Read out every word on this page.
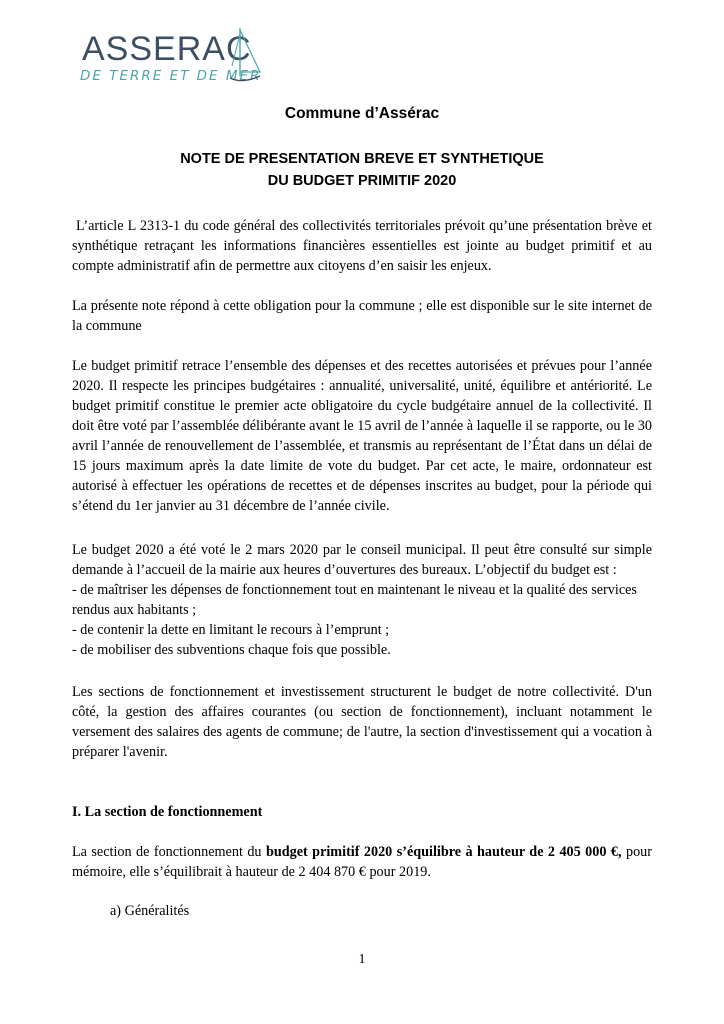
ASSERAC
DE TERRE ET DE MER
Commune d’Assérac
NOTE DE PRESENTATION BREVE ET SYNTHETIQUE
DU BUDGET PRIMITIF 2020

L’article L 2313-1 du code général des collectivités territoriales prévoit qu’une présentation brève et synthétique retraçant les informations financières essentielles est jointe au budget primitif et au compte administratif afin de permettre aux citoyens d’en saisir les enjeux.

La présente note répond à cette obligation pour la commune ; elle est disponible sur le site internet de la commune

Le budget primitif retrace l’ensemble des dépenses et des recettes autorisées et prévues pour l’année 2020. Il respecte les principes budgétaires : annualité, universalité, unité, équilibre et antériorité. Le budget primitif constitue le premier acte obligatoire du cycle budgétaire annuel de la collectivité. Il doit être voté par l’assemblée délibérante avant le 15 avril de l’année à laquelle il se rapporte, ou le 30 avril l’année de renouvellement de l’assemblée, et transmis au représentant de l’État dans un délai de 15 jours maximum après la date limite de vote du budget. Par cet acte, le maire, ordonnateur est autorisé à effectuer les opérations de recettes et de dépenses inscrites au budget, pour la période qui s’étend du 1er janvier au 31 décembre de l’année civile.

Le budget 2020 a été voté le 2 mars 2020 par le conseil municipal. Il peut être consulté sur simple demande à l’accueil de la mairie aux heures d’ouvertures des bureaux. L’objectif du budget est :

- de maîtriser les dépenses de fonctionnement tout en maintenant le niveau et la qualité des services rendus aux habitants ;
- de contenir la dette en limitant le recours à l’emprunt ;
- de mobiliser des subventions chaque fois que possible.

Les sections de fonctionnement et investissement structurent le budget de notre collectivité. D'un côté, la gestion des affaires courantes (ou section de fonctionnement), incluant notamment le versement des salaires des agents de commune; de l'autre, la section d'investissement qui a vocation à préparer l'avenir.

I. La section de fonctionnement

La section de fonctionnement du budget primitif 2020 s’équilibre à hauteur de 2 405 000 €, pour mémoire, elle s’équilibrait à hauteur de 2 404 870 € pour 2019.

a) Généralités
1
